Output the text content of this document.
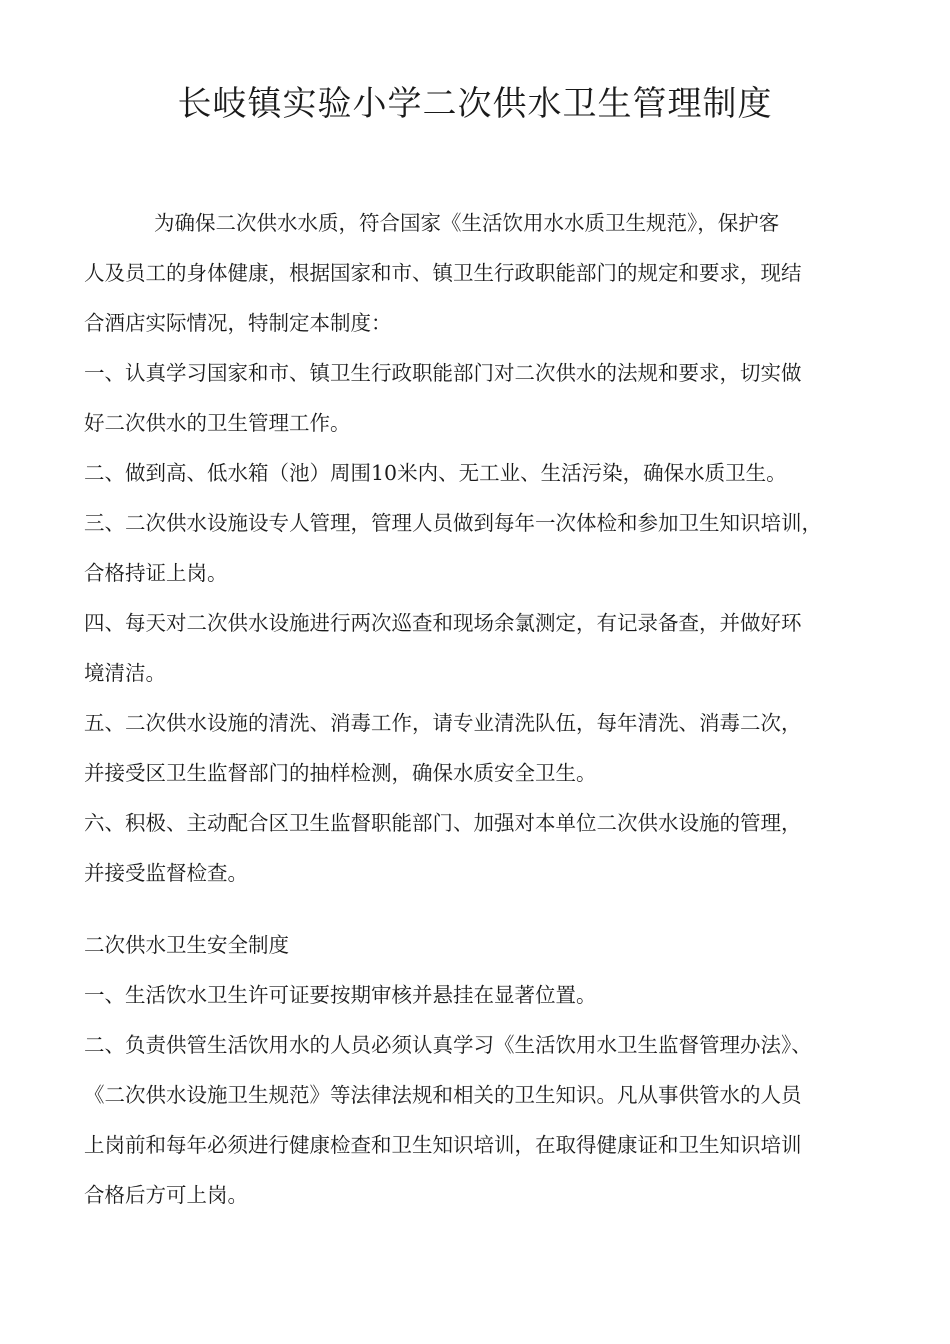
长岐镇实验小学二次供水卫生管理制度
为确保二次供水水质，符合国家《生活饮用水水质卫生规范》，保护客
人及员工的身体健康，根据国家和市、镇卫生行政职能部门的规定和要求，现结
合酒店实际情况，特制定本制度：
一、认真学习国家和市、镇卫生行政职能部门对二次供水的法规和要求，切实做
好二次供水的卫生管理工作。
二、做到高、低水箱（池）周围10米内、无工业、生活污染，确保水质卫生。
三、二次供水设施设专人管理，管理人员做到每年一次体检和参加卫生知识培训，
合格持证上岗。
四、每天对二次供水设施进行两次巡查和现场余氯测定，有记录备查，并做好环
境清洁。
五、二次供水设施的清洗、消毒工作，请专业清洗队伍，每年清洗、消毒二次，
并接受区卫生监督部门的抽样检测，确保水质安全卫生。
六、积极、主动配合区卫生监督职能部门、加强对本单位二次供水设施的管理，
并接受监督检查。
二次供水卫生安全制度
一、生活饮水卫生许可证要按期审核并悬挂在显著位置。
二、负责供管生活饮用水的人员必须认真学习《生活饮用水卫生监督管理办法》、
《二次供水设施卫生规范》等法律法规和相关的卫生知识。凡从事供管水的人员
上岗前和每年必须进行健康检查和卫生知识培训，在取得健康证和卫生知识培训
合格后方可上岗。
